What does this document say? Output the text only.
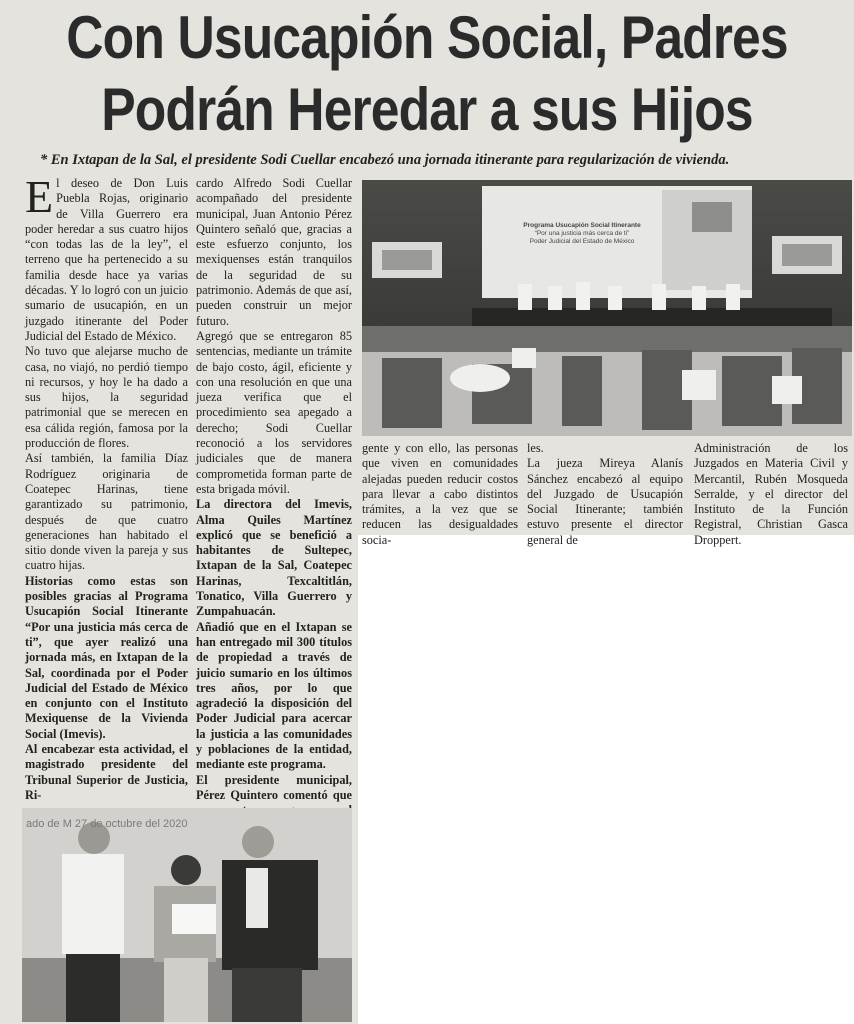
Con Usucapión Social, Padres
Podrán Heredar a sus Hijos
* En Ixtapan de la Sal, el presidente Sodi Cuellar encabezó una jornada itinerante para regularización de vivienda.

El deseo de Don Luis Puebla Rojas, originario de Villa Guerrero era poder heredar a sus cuatro hijos “con todas las de la ley”, el terreno que ha pertenecido a su familia desde hace ya varias décadas. Y lo logró con un juicio sumario de usucapión, en un juzgado itinerante del Poder Judicial del Estado de México.

No tuvo que alejarse mucho de casa, no viajó, no perdió tiempo ni recursos, y hoy le ha dado a sus hijos, la seguridad patrimonial que se merecen en esa cálida región, famosa por la producción de flores.

Así también, la familia Díaz Rodríguez originaria de Coatepec Harinas, tiene garantizado su patrimonio, después de que cuatro generaciones han habitado el sitio donde viven la pareja y sus cuatro hijas.

Historias como estas son posibles gracias al Programa Usucapión Social Itinerante “Por una justicia más cerca de ti”, que ayer realizó una jornada más, en Ixtapan de la Sal, coordinada por el Poder Judicial del Estado de México en conjunto con el Instituto Mexiquense de la Vivienda Social (Imevis).

Al encabezar esta actividad, el magistrado presidente del Tribunal Superior de Justicia, Ri-

cardo Alfredo Sodi Cuellar acompañado del presidente municipal, Juan Antonio Pérez Quintero señaló que, gracias a este esfuerzo conjunto, los mexiquenses están tranquilos de la seguridad de su patrimonio. Además de que así, pueden construir un mejor futuro.

Agregó que se entregaron 85 sentencias, mediante un trámite de bajo costo, ágil, eficiente y con una resolución en que una jueza verifica que el procedimiento sea apegado a derecho; Sodi Cuellar reconoció a los servidores judiciales que de manera comprometida forman parte de esta brigada móvil.

La directora del Imevis, Alma Quiles Martínez explicó que se benefició a habitantes de Sultepec, Ixtapan de la Sal, Coatepec Harinas, Texcaltitlán, Tonatico, Villa Guerrero y Zumpahuacán.

Añadió que en el Ixtapan se han entregado mil 300 títulos de propiedad a través de juicio sumario en los últimos tres años, por lo que agradeció la disposición del Poder Judicial para acercar la justicia a las comunidades y poblaciones de la entidad, mediante este programa.

El presidente municipal, Pérez Quintero comentó que

Programa Usucapión Social Itinerante
“Por una justicia más cerca de ti”
Poder Judicial del Estado de México

gente y con ello, las personas que viven en comunidades alejadas pueden reducir costos para llevar a cabo distintos trámites, a la vez que se reducen las desigualdades socia-

les.

La jueza Mireya Alanís Sánchez encabezó al equipo del Juzgado de Usucapión Social Itinerante; también estuvo presente el director general de

Administración de los Juzgados en Materia Civil y Mercantil, Rubén Mosqueda Serralde, y el director del Instituto de la Función Registral, Christian Gasca Droppert.

ado de M 27 de octubre del 2020
